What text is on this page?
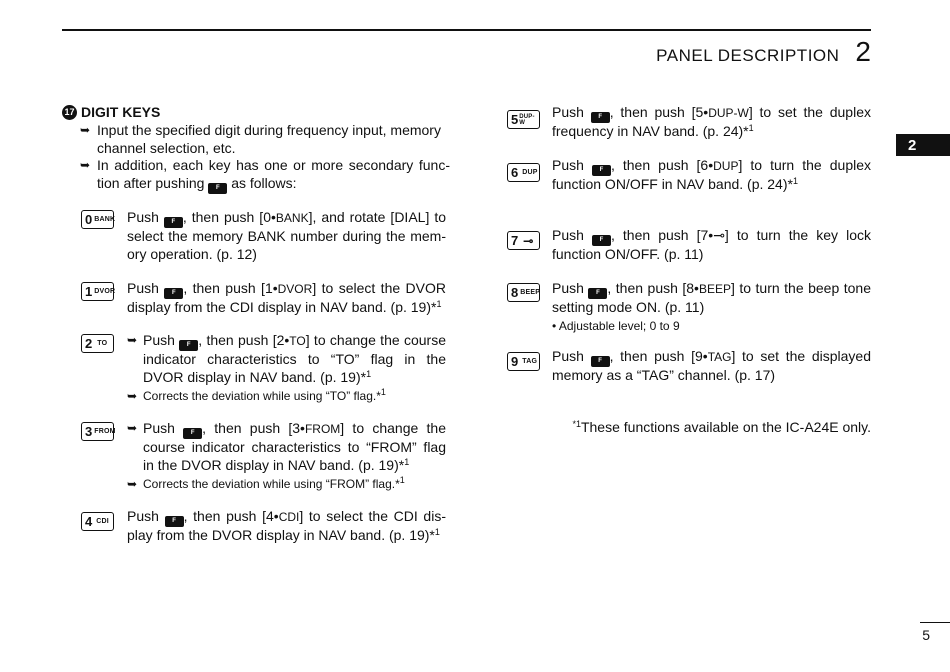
PANEL DESCRIPTION 2
2
17 DIGIT KEYS
➥ Input the specified digit during frequency input, memory channel selection, etc.
➥ In addition, each key has one or more secondary func-tion after pushing F as follows:
0 BANK Push F , then push [0•BANK], and rotate [DIAL] to select the memory BANK number during the mem-ory operation. (p. 12)
1 DVOR Push F , then push [1•DVOR] to select the DVOR display from the CDI display in NAV band. (p. 19)*$^1$
2 TO ➥ Push F , then push [2•TO] to change the course indicator characteristics to “TO” flag in the DVOR display in NAV band. (p. 19)*$^1$
➥ Corrects the deviation while using “TO” flag.*$^1$
3 FROM ➥ Push F , then push [3•FROM] to change the course indicator characteristics to “FROM” flag in the DVOR display in NAV band. (p. 19)*$^1$
➥ Corrects the deviation while using “FROM” flag.*$^1$
4 CDI Push F , then push [4•CDI] to select the CDI dis-play from the DVOR display in NAV band. (p. 19)*$^1$
5 DUP-W
Push F , then push [5•DUP-W] to set the duplex frequency in NAV band. (p. 24)*$^1$
6 DUP Push F , then push [6•DUP] to turn the duplex function ON/OFF in NAV band. (p. 24)*$^1$
7 ⊸ Push F , then push [7•⊸] to turn the key lock function ON/OFF. (p. 11)
8 BEEP Push F , then push [8•BEEP] to turn the beep tone setting mode ON. (p. 11)
• Adjustable level; 0 to 9
9 TAG Push F , then push [9•TAG] to set the displayed memory as a “TAG” channel. (p. 17)
$^{*1}$These functions available on the IC-A24E only.
5
